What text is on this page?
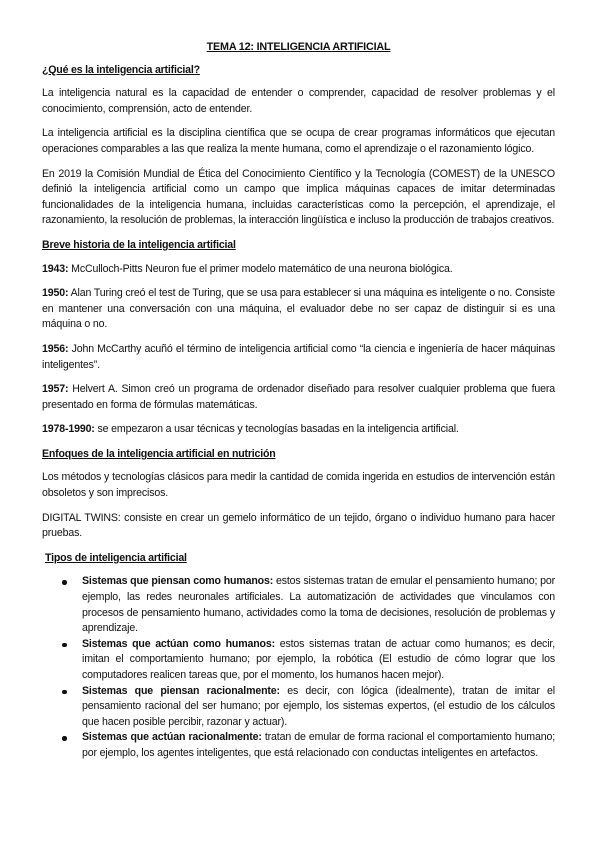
TEMA 12: INTELIGENCIA ARTIFICIAL
¿Qué es la inteligencia artificial?
La inteligencia natural es la capacidad de entender o comprender, capacidad de resolver problemas y el conocimiento, comprensión, acto de entender.
La inteligencia artificial es la disciplina científica que se ocupa de crear programas informáticos que ejecutan operaciones comparables a las que realiza la mente humana, como el aprendizaje o el razonamiento lógico.
En 2019 la Comisión Mundial de Ética del Conocimiento Científico y la Tecnología (COMEST) de la UNESCO definió la inteligencia artificial como un campo que implica máquinas capaces de imitar determinadas funcionalidades de la inteligencia humana, incluidas características como la percepción, el aprendizaje, el razonamiento, la resolución de problemas, la interacción lingüística e incluso la producción de trabajos creativos.
Breve historia de la inteligencia artificial
1943: McCulloch-Pitts Neuron fue el primer modelo matemático de una neurona biológica.
1950: Alan Turing creó el test de Turing, que se usa para establecer si una máquina es inteligente o no. Consiste en mantener una conversación con una máquina, el evaluador debe no ser capaz de distinguir si es una máquina o no.
1956: John McCarthy acuñó el término de inteligencia artificial como “la ciencia e ingeniería de hacer máquinas inteligentes”.
1957: Helvert A. Simon creó un programa de ordenador diseñado para resolver cualquier problema que fuera presentado en forma de fórmulas matemáticas.
1978-1990: se empezaron a usar técnicas y tecnologías basadas en la inteligencia artificial.
Enfoques de la inteligencia artificial en nutrición
Los métodos y tecnologías clásicos para medir la cantidad de comida ingerida en estudios de intervención están obsoletos y son imprecisos.
DIGITAL TWINS: consiste en crear un gemelo informático de un tejido, órgano o individuo humano para hacer pruebas.
Tipos de inteligencia artificial
Sistemas que piensan como humanos: estos sistemas tratan de emular el pensamiento humano; por ejemplo, las redes neuronales artificiales. La automatización de actividades que vinculamos con procesos de pensamiento humano, actividades como la toma de decisiones, resolución de problemas y aprendizaje.
Sistemas que actúan como humanos: estos sistemas tratan de actuar como humanos; es decir, imitan el comportamiento humano; por ejemplo, la robótica (El estudio de cómo lograr que los computadores realicen tareas que, por el momento, los humanos hacen mejor).
Sistemas que piensan racionalmente: es decir, con lógica (idealmente), tratan de imitar el pensamiento racional del ser humano; por ejemplo, los sistemas expertos, (el estudio de los cálculos que hacen posible percibir, razonar y actuar).
Sistemas que actúan racionalmente: tratan de emular de forma racional el comportamiento humano; por ejemplo, los agentes inteligentes, que está relacionado con conductas inteligentes en artefactos.
